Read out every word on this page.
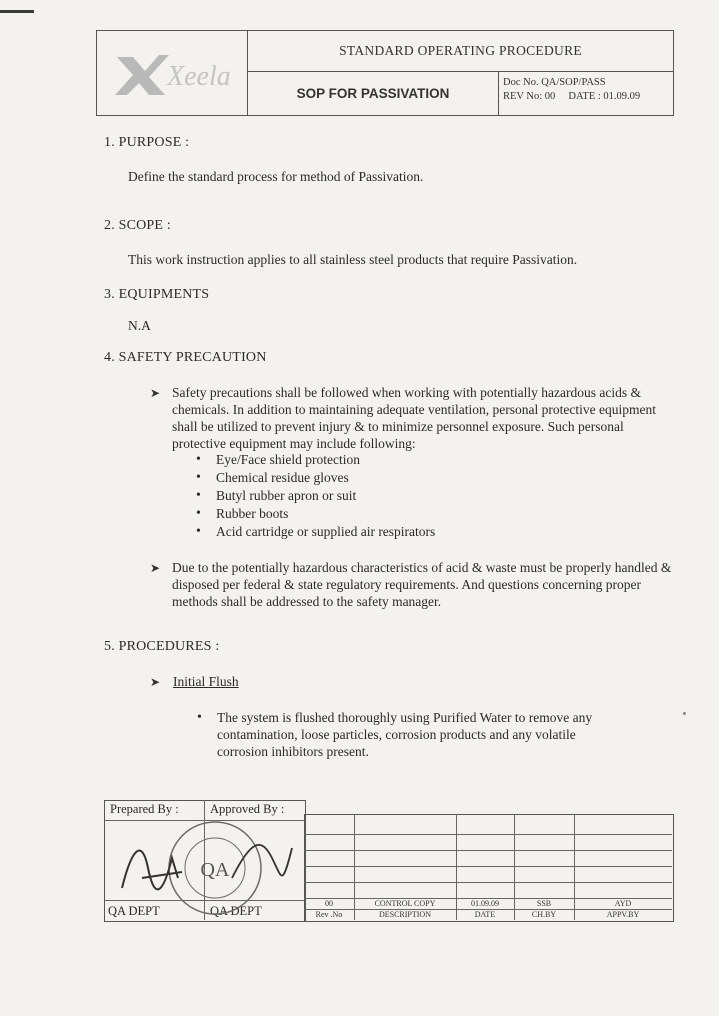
Xeela
STANDARD OPERATING PROCEDURE
SOP FOR PASSIVATION
Doc No. QA/SOP/PASS
REV No: 00     DATE : 01.09.09
1. PURPOSE :
Define the standard process for method of Passivation.
2. SCOPE :
This work instruction applies to all stainless steel products that require Passivation.
3. EQUIPMENTS
N.A
4. SAFETY PRECAUTION
➤ Safety precautions shall be followed when working with potentially hazardous acids & chemicals. In addition to maintaining adequate ventilation, personal protective equipment shall be utilized to prevent injury & to minimize personnel exposure. Such personal protective equipment may include following:
• Eye/Face shield protection
• Chemical residue gloves
• Butyl rubber apron or suit
• Rubber boots
• Acid cartridge or supplied air respirators
➤ Due to the potentially hazardous characteristics of acid & waste must be properly handled & disposed per federal & state regulatory requirements. And questions concerning proper methods shall be addressed to the safety manager.
5. PROCEDURES :
➤ Initial Flush
• The system is flushed thoroughly using Purified Water to remove any contamination, loose particles, corrosion products and any volatile corrosion inhibitors present.
Prepared By :	Approved By :
QA DEPT	QA DEPT
QA
00	CONTROL COPY	01.09.09	SSB	AYD
Rev .No	DESCRIPTION	DATE	CH.BY	APPV.BY
